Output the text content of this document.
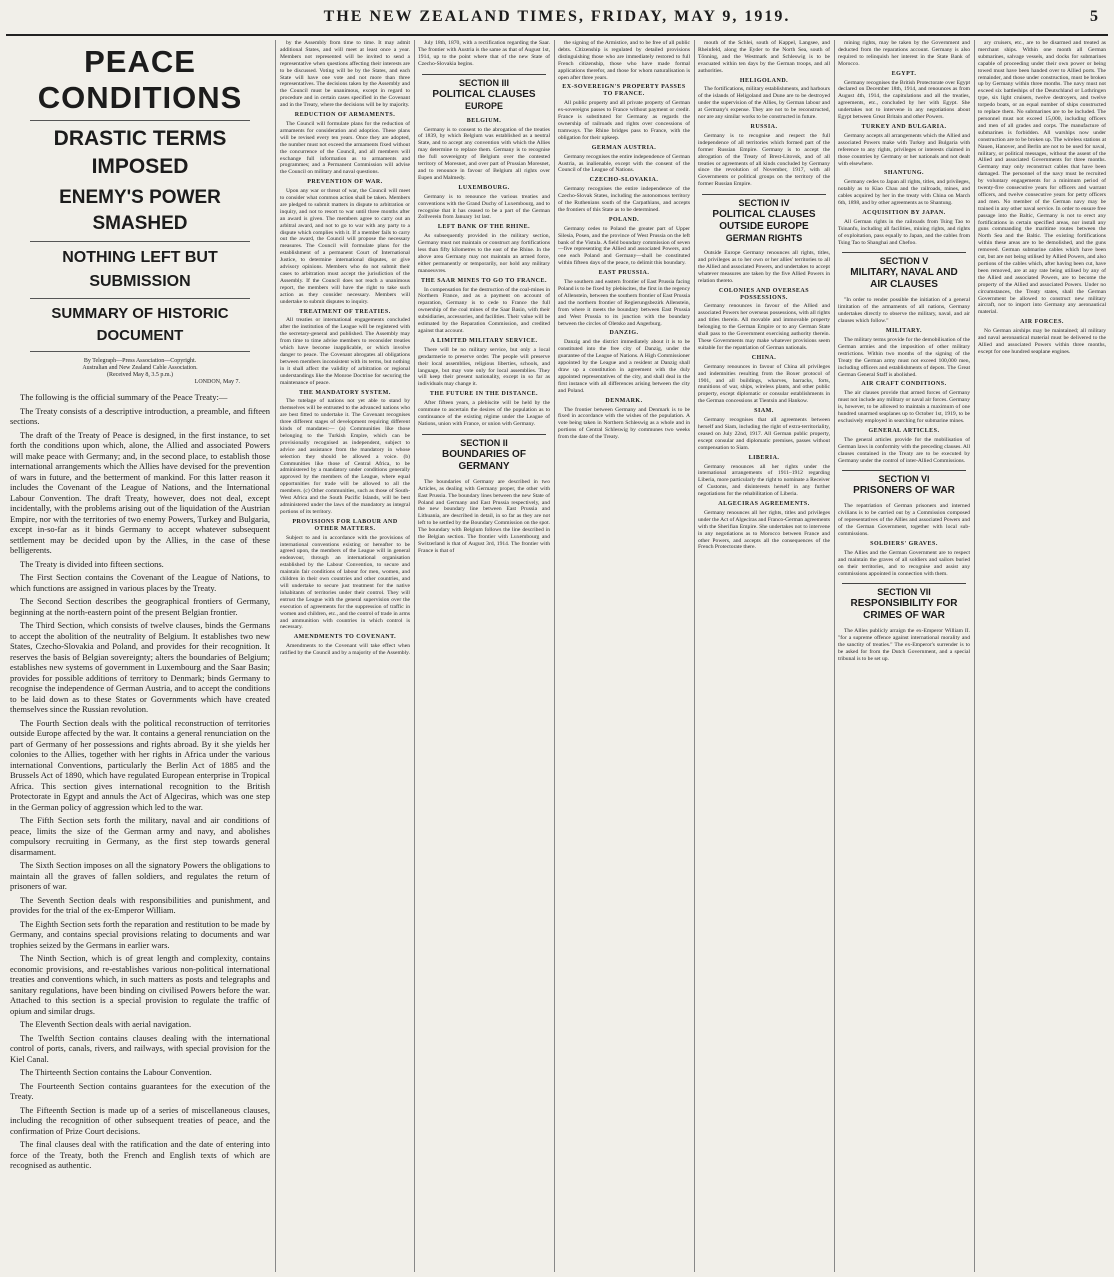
THE NEW ZEALAND TIMES, FRIDAY, MAY 9, 1919.	5
PEACE CONDITIONS
DRASTIC TERMS IMPOSED
ENEMY'S POWER SMASHED
NOTHING LEFT BUT SUBMISSION
SUMMARY OF HISTORIC DOCUMENT
By Telegraph—Press Association—Copyright.
Australian and New Zealand Cable Association.
(Received May 8, 3.5 p.m.)
LONDON, May 7.

The following is the official summary of the Peace Treaty:—

The Treaty consists of a descriptive introduction, a preamble, and fifteen sections.

The draft of the Treaty of Peace is designed, in the first instance, to set forth the conditions upon which, alone, the Allied and associated Powers will make peace with Germany; and, in the second place, to establish those international arrangements which the Allies have devised for the prevention of wars in future, and the betterment of mankind. For this latter reason it includes the Covenant of the League of Nations, and the International Labour Convention. The draft Treaty, however, does not deal, except incidentally, with the problems arising out of the liquidation of the Austrian Empire, nor with the territories of two enemy Powers, Turkey and Bulgaria, except in-so-far as it binds Germany to accept whatever subsequent settlement may be decided upon by the Allies, in the case of these belligerents.

The Treaty is divided into fifteen sections.

The First Section contains the Covenant of the League of Nations, to which functions are assigned in various places by the Treaty.

The Second Section describes the geographical frontiers of Germany, beginning at the north-eastern point of the present Belgian frontier.

The Third Section, which consists of twelve clauses, binds the Germans to accept the abolition of the neutrality of Belgium. It establishes two new States, Czecho-Slovakia and Poland, and provides for their recognition. It reserves the basis of Belgian sovereignty; alters the boundaries of Belgium; establishes new systems of government in Luxembourg and the Saar Basin; provides for possible additions of territory to Denmark; binds Germany to recognise the independence of German Austria, and to accept the conditions to be laid down as to these States or Governments which have created themselves since the Russian revolution.

The Fourth Section deals with the political reconstruction of territories outside Europe affected by the war. It contains a general renunciation on the part of Germany of her possessions and rights abroad. By it she yields her colonies to the Allies, together with her rights in Africa under the various international Conventions, particularly the Berlin Act of 1885 and the Brussels Act of 1890, which have regulated European enterprise in Tropical Africa. This section gives international recognition to the British Protectorate in Egypt and annuls the Act of Algeciras, which was one step in the German policy of aggression which led to the war.

The Fifth Section sets forth the military, naval and air conditions of peace, limits the size of the German army and navy, and abolishes compulsory recruiting in Germany, as the first step towards general disarmament.

The Sixth Section imposes on all the signatory Powers the obligations to maintain all the graves of fallen soldiers, and regulates the return of prisoners of war.

The Seventh Section deals with responsibilities and punishment, and provides for the trial of the ex-Emperor William.

The Eighth Section sets forth the reparation and restitution to be made by Germany, and contains special provisions relating to documents and war trophies seized by the Germans in earlier wars.

The Ninth Section, which is of great length and complexity, contains economic provisions, and re-establishes various non-political international treaties and conventions which, in such matters as posts and telegraphs and sanitary regulations, have been binding on civilised Powers before the war. Attached to this section is a special provision to regulate the traffic of opium and similar drugs.

The Eleventh Section deals with aerial navigation.

The Twelfth Section contains clauses dealing with the international control of ports, canals, rivers, and railways, with special provision for the Kiel Canal.

The Thirteenth Section contains the Labour Convention.

The Fourteenth Section contains guarantees for the execution of the Treaty.

The Fifteenth Section is made up of a series of miscellaneous clauses, including the recognition of other subsequent treaties of peace, and the confirmation of Prize Court decisions.

The final clauses deal with the ratification and the date of entering into force of the Treaty, both the French and English texts of which are recognised as authentic.

by the Assembly from time to time. It may admit additional States, and will meet at least once a year. Members not represented will be invited to send a representative when questions affecting their interests are to be discussed. Voting will be by the States, and each State will have one vote and not more than three representatives. The decisions taken by the Assembly and the Council must be unanimous, except in regard to procedure and in certain cases specified in the Covenant and in the Treaty, where the decisions will be by majority.

REDUCTION OF ARMAMENTS.

The Council will formulate plans for the reduction of armaments for consideration and adoption. These plans will be revised every ten years. Once they are adopted, the number must not exceed the armaments fixed without the concurrence of the Council, and all members will exchange full information as to armaments and programmes; and a Permanent Commission will advise the Council on military and naval questions.

PREVENTION OF WAR.

Upon any war or threat of war, the Council will meet to consider what common action shall be taken. Members are pledged to submit matters in dispute to arbitration or inquiry, and not to resort to war until three months after an award is given. The members agree to carry out an arbitral award, and not to go to war with any party to a dispute which complies with it. If a member fails to carry out the award, the Council will propose the necessary measures. The Council will formulate plans for the establishment of a permanent Court of International Justice, to determine international disputes, or give advisory opinions. Members who do not submit their cases to arbitration must accept the jurisdiction of the Assembly. If the Council does not reach a unanimous report, the members will have the right to take such action as they consider necessary. Members will undertake to submit disputes to inquiry.

TREATMENT OF TREATIES.

All treaties or international engagements concluded after the institution of the League will be registered with the secretary-general and published. The Assembly may from time to time advise members to reconsider treaties which have become inapplicable, or which involve danger to peace. The Covenant abrogates all obligations between members inconsistent with its terms, but nothing in it shall affect the validity of arbitration or regional understandings like the Monroe Doctrine for securing the maintenance of peace.

THE MANDATORY SYSTEM.

The tutelage of nations not yet able to stand by themselves will be entrusted to the advanced nations who are best fitted to undertake it. The Covenant recognises three different stages of development requiring different kinds of mandates:— (a) Communities like those belonging to the Turkish Empire, which can be provisionally recognised as independent, subject to advice and assistance from the mandatory in whose selection they should be allowed a voice. (b) Communities like those of Central Africa, to be administered by a mandatory under conditions generally approved by the members of the League, where equal opportunities for trade will be allowed to all the members. (c) Other communities, such as those of South-West Africa and the South Pacific Islands, will be best administered under the laws of the mandatory as integral portions of its territory.

PROVISIONS FOR LABOUR AND OTHER MATTERS.

Subject to and in accordance with the provisions of international conventions existing or hereafter to be agreed upon, the members of the League will in general endeavour, through an international organisation established by the Labour Convention, to secure and maintain fair conditions of labour for men, women, and children in their own countries and other countries, and will undertake to secure just treatment for the native inhabitants of territories under their control. They will entrust the League with the general supervision over the execution of agreements for the suppression of traffic in women and children, etc., and the control of trade in arms and ammunition with countries in which control is necessary.

AMENDMENTS TO COVENANT.

Amendments to the Covenant will take effect when ratified by the Council and by a majority of the Assembly.

July 18th, 1870, with a rectification regarding the Saar. The frontier with Austria is the same as that of August 1st, 1914, up to the point where that of the new State of Czecho-Slovakia begins.

SECTION III
POLITICAL CLAUSES
EUROPE
BELGIUM.

Germany is to consent to the abrogation of the treaties of 1839, by which Belgium was established as a neutral State, and to accept any convention with which the Allies may determine to replace them. Germany is to recognise the full sovereignty of Belgium over the contested territory of Moresnet, and over part of Prussian Moresnet, and to renounce in favour of Belgium all rights over Eupen and Malmedy.

LUXEMBOURG.

Germany is to renounce the various treaties and conventions with the Grand Duchy of Luxembourg, and to recognise that it has ceased to be a part of the German Zollverein from January 1st last.

LEFT BANK OF THE RHINE.

As subsequently provided in the military section, Germany must not maintain or construct any fortifications less than fifty kilometres to the east of the Rhine. In the above area Germany may not maintain an armed force, either permanently or temporarily, nor hold any military manoeuvres.

THE SAAR MINES TO GO TO FRANCE.

In compensation for the destruction of the coal-mines in Northern France, and as a payment on account of reparation, Germany is to cede to France the full ownership of the coal mines of the Saar Basin, with their subsidiaries, accessories, and facilities. Their value will be estimated by the Reparation Commission, and credited against that account.

A LIMITED MILITARY SERVICE.

There will be no military service, but only a local gendarmerie to preserve order. The people will preserve their local assemblies, religious liberties, schools, and language, but may vote only for local assemblies. They will keep their present nationality, except in so far as individuals may change it.

THE FUTURE IN THE DISTANCE.

After fifteen years, a plebiscite will be held by the commune to ascertain the desires of the population as to continuance of the existing régime under the League of Nations, union with France, or union with Germany.

SECTION II
BOUNDARIES OF GERMANY

The boundaries of Germany are described in two Articles, as dealing with Germany proper, the other with East Prussia. The boundary lines between the new State of Poland and Germany and East Prussia respectively, and the new boundary line between East Prussia and Lithuania, are described in detail, in so far as they are not left to be settled by the Boundary Commission on the spot. The boundary with Belgium follows the line described in the Belgian section. The frontier with Luxembourg and Switzerland is that of August 3rd, 1914. The frontier with France is that of

the signing of the Armistice, and to be free of all public debts. Citizenship is regulated by detailed provisions distinguishing those who are immediately restored to full French citizenship, those who have made formal applications therefor, and those for whom naturalisation is open after three years.

EX-SOVEREIGN'S PROPERTY PASSES TO FRANCE.

All public property and all private property of German ex-sovereigns passes to France without payment or credit. France is substituted for Germany as regards the ownership of railroads and rights over concessions of tramways. The Rhine bridges pass to France, with the obligation for their upkeep.

GERMAN AUSTRIA.

Germany recognises the entire independence of German Austria, as inalienable, except with the consent of the Council of the League of Nations.

CZECHO-SLOVAKIA.

Germany recognises the entire independence of the Czecho-Slovak States, including the autonomous territory of the Ruthenians south of the Carpathians, and accepts the frontiers of this State as to be determined.

POLAND.

Germany cedes to Poland the greater part of Upper Silesia, Posen, and the province of West Prussia on the left bank of the Vistula. A field boundary commission of seven—five representing the Allied and associated Powers, and one each Poland and Germany—shall be constituted within fifteen days of the peace, to delimit this boundary.

EAST PRUSSIA.

The southern and eastern frontier of East Prussia facing Poland is to be fixed by plebiscites, the first in the regency of Allenstein, between the southern frontier of East Prussia and the northern frontier of Regierungsbezirk Allenstein, from where it meets the boundary between East Prussia and West Prussia to its junction with the boundary between the circles of Oletsko and Angerburg.

DANZIG.

Danzig and the district immediately about it is to be constituted into the free city of Danzig, under the guarantee of the League of Nations. A High Commissioner appointed by the League and a resident at Danzig shall draw up a constitution in agreement with the duly appointed representatives of the city, and shall deal in the first instance with all differences arising between the city and Poland.

DENMARK.

The frontier between Germany and Denmark is to be fixed in accordance with the wishes of the population. A vote being taken in Northern Schleswig as a whole and in portions of Central Schleswig by communes two weeks from the date of the Treaty.

mouth of the Schlei, south of Kappel, Langsee, and Rheinfeld, along the Eyder to the North Sea, south of Tönning, and the Westmark and Schleswig is to be evacuated within ten days by the German troops, and all authorities.

HELIGOLAND.

The fortifications, military establishments, and harbours of the islands of Heligoland and Dune are to be destroyed under the supervision of the Allies, by German labour and at Germany's expense. They are not to be reconstructed, nor are any similar works to be constructed in future.

RUSSIA.

Germany is to recognise and respect the full independence of all territories which formed part of the former Russian Empire. Germany is to accept the abrogation of the Treaty of Brest-Litovsk, and of all treaties or agreements of all kinds concluded by Germany since the revolution of November, 1917, with all Governments or political groups on the territory of the former Russian Empire.

SECTION IV
POLITICAL CLAUSES OUTSIDE EUROPE
GERMAN RIGHTS

Outside Europe Germany renounces all rights, titles, and privileges as to her own or her allies' territories to all the Allied and associated Powers, and undertakes to accept whatever measures are taken by the five Allied Powers in relation thereto.

COLONIES AND OVERSEAS POSSESSIONS.

Germany renounces in favour of the Allied and associated Powers her overseas possessions, with all rights and titles therein. All movable and immovable property belonging to the German Empire or to any German State shall pass to the Government exercising authority therein. These Governments may make whatever provisions seem suitable for the repatriation of German nationals.

CHINA.

Germany renounces in favour of China all privileges and indemnities resulting from the Boxer protocol of 1901, and all buildings, wharves, barracks, forts, munitions of war, ships, wireless plants, and other public property, except diplomatic or consular establishments in the German concessions at Tientsin and Hankow.

SIAM.

Germany recognises that all agreements between herself and Siam, including the right of extra-territoriality, ceased on July 22nd, 1917. All German public property, except consular and diplomatic premises, passes without compensation to Siam.

LIBERIA.

Germany renounces all her rights under the international arrangements of 1911–1912 regarding Liberia, more particularly the right to nominate a Receiver of Customs, and disinterests herself in any further negotiations for the rehabilitation of Liberia.

ALGECIRAS AGREEMENTS.

Germany renounces all her rights, titles and privileges under the Act of Algeciras and Franco-German agreements with the Sherifian Empire. She undertakes not to intervene in any negotiations as to Morocco between France and other Powers, and accepts all the consequences of the French Protectorate there.

mining rights, may be taken by the Government and deducted from the reparations account. Germany is also required to relinquish her interest in the State Bank of Morocco.

EGYPT.

Germany recognises the British Protectorate over Egypt declared on December 18th, 1914, and renounces as from August 4th, 1914, the capitulations and all the treaties, agreements, etc., concluded by her with Egypt. She undertakes not to intervene in any negotiations about Egypt between Great Britain and other Powers.

TURKEY AND BULGARIA.

Germany accepts all arrangements which the Allied and associated Powers make with Turkey and Bulgaria with reference to any rights, privileges or interests claimed in those countries by Germany or her nationals and not dealt with elsewhere.

SHANTUNG.

Germany cedes to Japan all rights, titles, and privileges, notably as to Kiao Chau and the railroads, mines, and cables acquired by her in the treaty with China on March 6th, 1898, and by other agreements as to Shantung.

ACQUISITION BY JAPAN.

All German rights in the railroads from Tsing Tao to Tsinanfu, including all facilities, mining rights, and rights of exploitation, pass equally to Japan, and the cables from Tsing Tao to Shanghai and Chefoo.

SECTION V
MILITARY, NAVAL AND AIR CLAUSES

"In order to render possible the initiation of a general limitation of the armaments of all nations, Germany undertakes directly to observe the military, naval, and air clauses which follow."

MILITARY.

The military terms provide for the demobilisation of the German armies and the imposition of other military restrictions. Within two months of the signing of the Treaty the German army must not exceed 100,000 men, including officers and establishments of depots. The Great German General Staff is abolished.

AIR CRAFT CONDITIONS.

The air clauses provide that armed forces of Germany must not include any military or naval air forces. Germany is, however, to be allowed to maintain a maximum of one hundred unarmed seaplanes up to October 1st, 1919, to be exclusively employed in searching for submarine mines.

GENERAL ARTICLES.

The general articles provide for the mobilisation of German laws in conformity with the preceding clauses. All clauses contained in the Treaty are to be executed by Germany under the control of inter-Allied Commissions.

SECTION VI
PRISONERS OF WAR

The repatriation of German prisoners and interned civilians is to be carried out by a Commission composed of representatives of the Allies and associated Powers and of the German Government, together with local sub-commissions.

SOLDIERS' GRAVES.

The Allies and the German Government are to respect and maintain the graves of all soldiers and sailors buried on their territories, and to recognise and assist any commissions appointed in connection with them.

SECTION VII
RESPONSIBILITY FOR CRIMES OF WAR

The Allies publicly arraign the ex-Emperor William II. "for a supreme offence against international morality and the sanctity of treaties." The ex-Emperor's surrender is to be asked for from the Dutch Government, and a special tribunal is to be set up.

ary cruisers, etc., are to be disarmed and treated as merchant ships. Within one month all German submarines, salvage vessels, and docks for submarines capable of proceeding under their own power or being towed must have been handed over to Allied ports. The remainder, and those under construction, must be broken up by Germany within three months. The navy must not exceed six battleships of the Deutschland or Lothringen type, six light cruisers, twelve destroyers, and twelve torpedo boats, or an equal number of ships constructed to replace them. No submarines are to be included. The personnel must not exceed 15,000, including officers and men of all grades and corps. The manufacture of submarines is forbidden. All warships now under construction are to be broken up. The wireless stations at Nauen, Hanover, and Berlin are not to be used for naval, military, or political messages, without the assent of the Allied and associated Governments for three months. Germany may only reconstruct cables that have been damaged. The personnel of the navy must be recruited by voluntary engagements for a minimum period of twenty-five consecutive years for officers and warrant officers, and twelve consecutive years for petty officers and men. No member of the German navy may be trained in any other naval service. In order to ensure free passage into the Baltic, Germany is not to erect any fortifications in certain specified areas, nor install any guns commanding the maritime routes between the North Sea and the Baltic. The existing fortifications within these areas are to be demolished, and the guns removed. German submarine cables which have been cut, but are not being utilised by Allied Powers, and also portions of the cables which, after having been cut, have been removed, are at any rate being utilised by any of the Allied and associated Powers, are to become the property of the Allied and associated Powers. Under no circumstances, the Treaty states, shall the German Government be allowed to construct new military aircraft, nor to import into Germany any aeronautical material.

AIR FORCES.

No German airships may be maintained; all military and naval aeronautical material must be delivered to the Allied and associated Powers within three months, except for one hundred seaplane engines.
